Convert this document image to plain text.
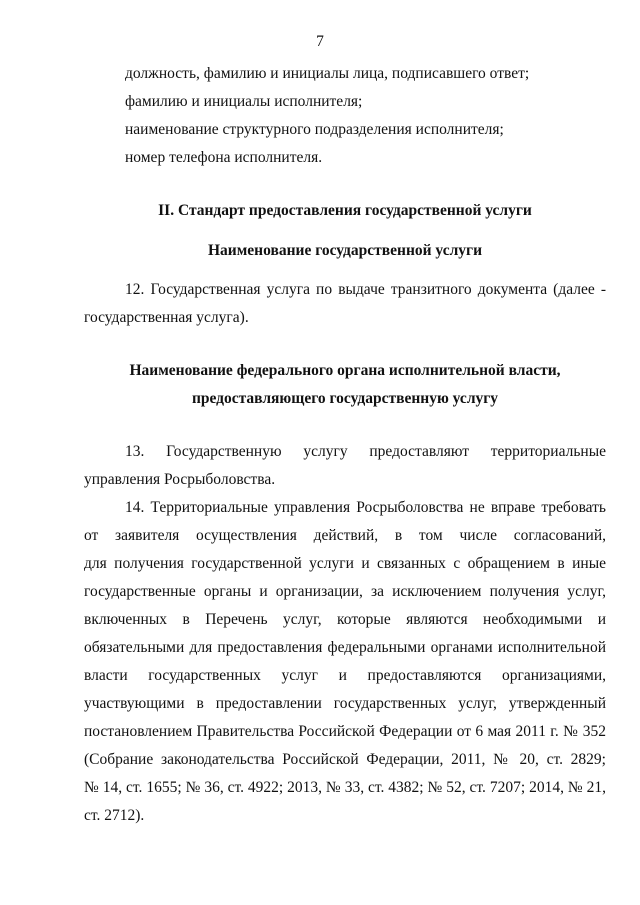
7
должность, фамилию и инициалы лица, подписавшего ответ;
фамилию и инициалы исполнителя;
наименование структурного подразделения исполнителя;
номер телефона исполнителя.
II. Стандарт предоставления государственной услуги
Наименование государственной услуги
12. Государственная услуга по выдаче транзитного документа (далее -
государственная услуга).
Наименование федерального органа исполнительной власти,
предоставляющего государственную услугу
13. Государственную услугу предоставляют территориальные
управления Росрыболовства.
14. Территориальные управления Росрыболовства не вправе требовать
от заявителя осуществления действий, в том числе согласований,
для получения государственной услуги и связанных с обращением в иные
государственные органы и организации, за исключением получения услуг,
включенных в Перечень услуг, которые являются необходимыми и
обязательными для предоставления федеральными органами исполнительной
власти государственных услуг и предоставляются организациями,
участвующими в предоставлении государственных услуг, утвержденный
постановлением Правительства Российской Федерации от 6 мая 2011 г. № 352
(Собрание законодательства Российской Федерации, 2011, № 20, ст. 2829;
№ 14, ст. 1655; № 36, ст. 4922; 2013, № 33, ст. 4382; № 52, ст. 7207; 2014, № 21,
ст. 2712).
